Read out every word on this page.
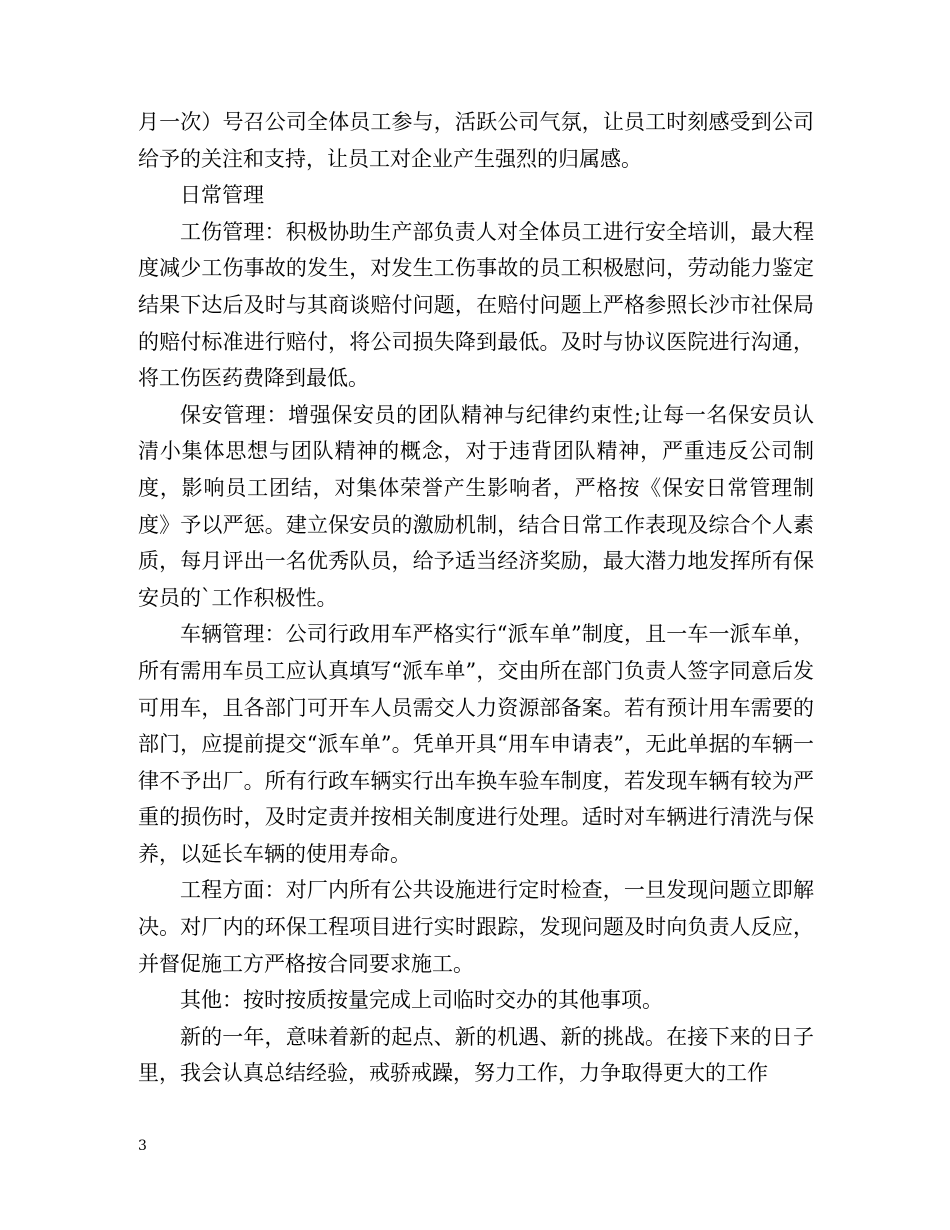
月一次）号召公司全体员工参与，活跃公司气氛，让员工时刻感受到公司给予的关注和支持，让员工对企业产生强烈的归属感。

日常管理

工伤管理：积极协助生产部负责人对全体员工进行安全培训，最大程度减少工伤事故的发生，对发生工伤事故的员工积极慰问，劳动能力鉴定结果下达后及时与其商谈赔付问题，在赔付问题上严格参照长沙市社保局的赔付标准进行赔付，将公司损失降到最低。及时与协议医院进行沟通，将工伤医药费降到最低。

保安管理：增强保安员的团队精神与纪律约束性;让每一名保安员认清小集体思想与团队精神的概念，对于违背团队精神，严重违反公司制度，影响员工团结，对集体荣誉产生影响者，严格按《保安日常管理制度》予以严惩。建立保安员的激励机制，结合日常工作表现及综合个人素质，每月评出一名优秀队员，给予适当经济奖励，最大潜力地发挥所有保安员的`工作积极性。

车辆管理：公司行政用车严格实行“派车单”制度，且一车一派车单，所有需用车员工应认真填写“派车单”，交由所在部门负责人签字同意后发可用车，且各部门可开车人员需交人力资源部备案。若有预计用车需要的部门，应提前提交“派车单”。凭单开具“用车申请表”，无此单据的车辆一律不予出厂。所有行政车辆实行出车换车验车制度，若发现车辆有较为严重的损伤时，及时定责并按相关制度进行处理。适时对车辆进行清洗与保养，以延长车辆的使用寿命。

工程方面：对厂内所有公共设施进行定时检查，一旦发现问题立即解决。对厂内的环保工程项目进行实时跟踪，发现问题及时向负责人反应，并督促施工方严格按合同要求施工。

其他：按时按质按量完成上司临时交办的其他事项。

新的一年，意味着新的起点、新的机遇、新的挑战。在接下来的日子里，我会认真总结经验，戒骄戒躁，努力工作，力争取得更大的工作

3
